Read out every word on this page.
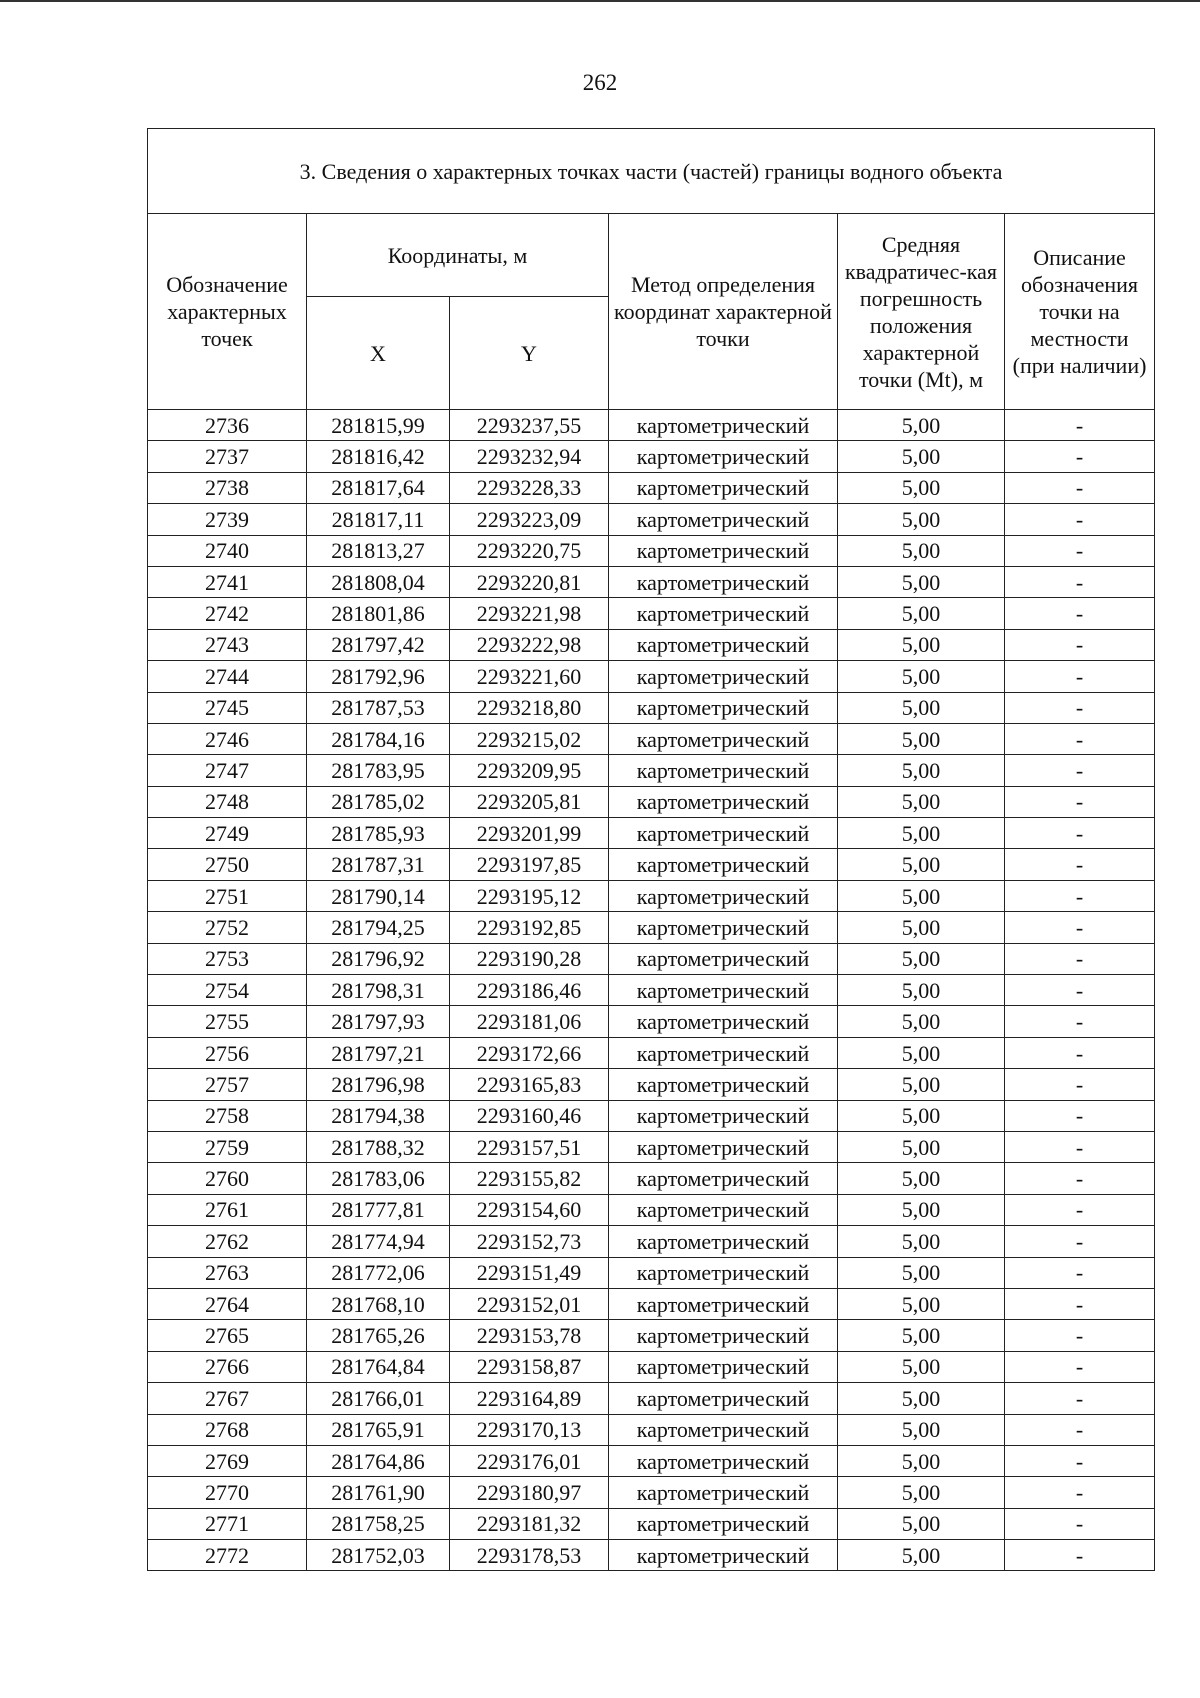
262
3. Сведения о характерных точках части (частей) границы водного объекта					
Обозначение характерных точек	Координаты, м		Метод определения координат характерной точки	Средняя квадратичес-кая погрешность положения характерной точки (Mt), м	Описание обозначения точки на местности (при наличии)
	X	Y			
2736	281815,99	2293237,55	картометрический	5,00	-
2737	281816,42	2293232,94	картометрический	5,00	-
2738	281817,64	2293228,33	картометрический	5,00	-
2739	281817,11	2293223,09	картометрический	5,00	-
2740	281813,27	2293220,75	картометрический	5,00	-
2741	281808,04	2293220,81	картометрический	5,00	-
2742	281801,86	2293221,98	картометрический	5,00	-
2743	281797,42	2293222,98	картометрический	5,00	-
2744	281792,96	2293221,60	картометрический	5,00	-
2745	281787,53	2293218,80	картометрический	5,00	-
2746	281784,16	2293215,02	картометрический	5,00	-
2747	281783,95	2293209,95	картометрический	5,00	-
2748	281785,02	2293205,81	картометрический	5,00	-
2749	281785,93	2293201,99	картометрический	5,00	-
2750	281787,31	2293197,85	картометрический	5,00	-
2751	281790,14	2293195,12	картометрический	5,00	-
2752	281794,25	2293192,85	картометрический	5,00	-
2753	281796,92	2293190,28	картометрический	5,00	-
2754	281798,31	2293186,46	картометрический	5,00	-
2755	281797,93	2293181,06	картометрический	5,00	-
2756	281797,21	2293172,66	картометрический	5,00	-
2757	281796,98	2293165,83	картометрический	5,00	-
2758	281794,38	2293160,46	картометрический	5,00	-
2759	281788,32	2293157,51	картометрический	5,00	-
2760	281783,06	2293155,82	картометрический	5,00	-
2761	281777,81	2293154,60	картометрический	5,00	-
2762	281774,94	2293152,73	картометрический	5,00	-
2763	281772,06	2293151,49	картометрический	5,00	-
2764	281768,10	2293152,01	картометрический	5,00	-
2765	281765,26	2293153,78	картометрический	5,00	-
2766	281764,84	2293158,87	картометрический	5,00	-
2767	281766,01	2293164,89	картометрический	5,00	-
2768	281765,91	2293170,13	картометрический	5,00	-
2769	281764,86	2293176,01	картометрический	5,00	-
2770	281761,90	2293180,97	картометрический	5,00	-
2771	281758,25	2293181,32	картометрический	5,00	-
2772	281752,03	2293178,53	картометрический	5,00	-
